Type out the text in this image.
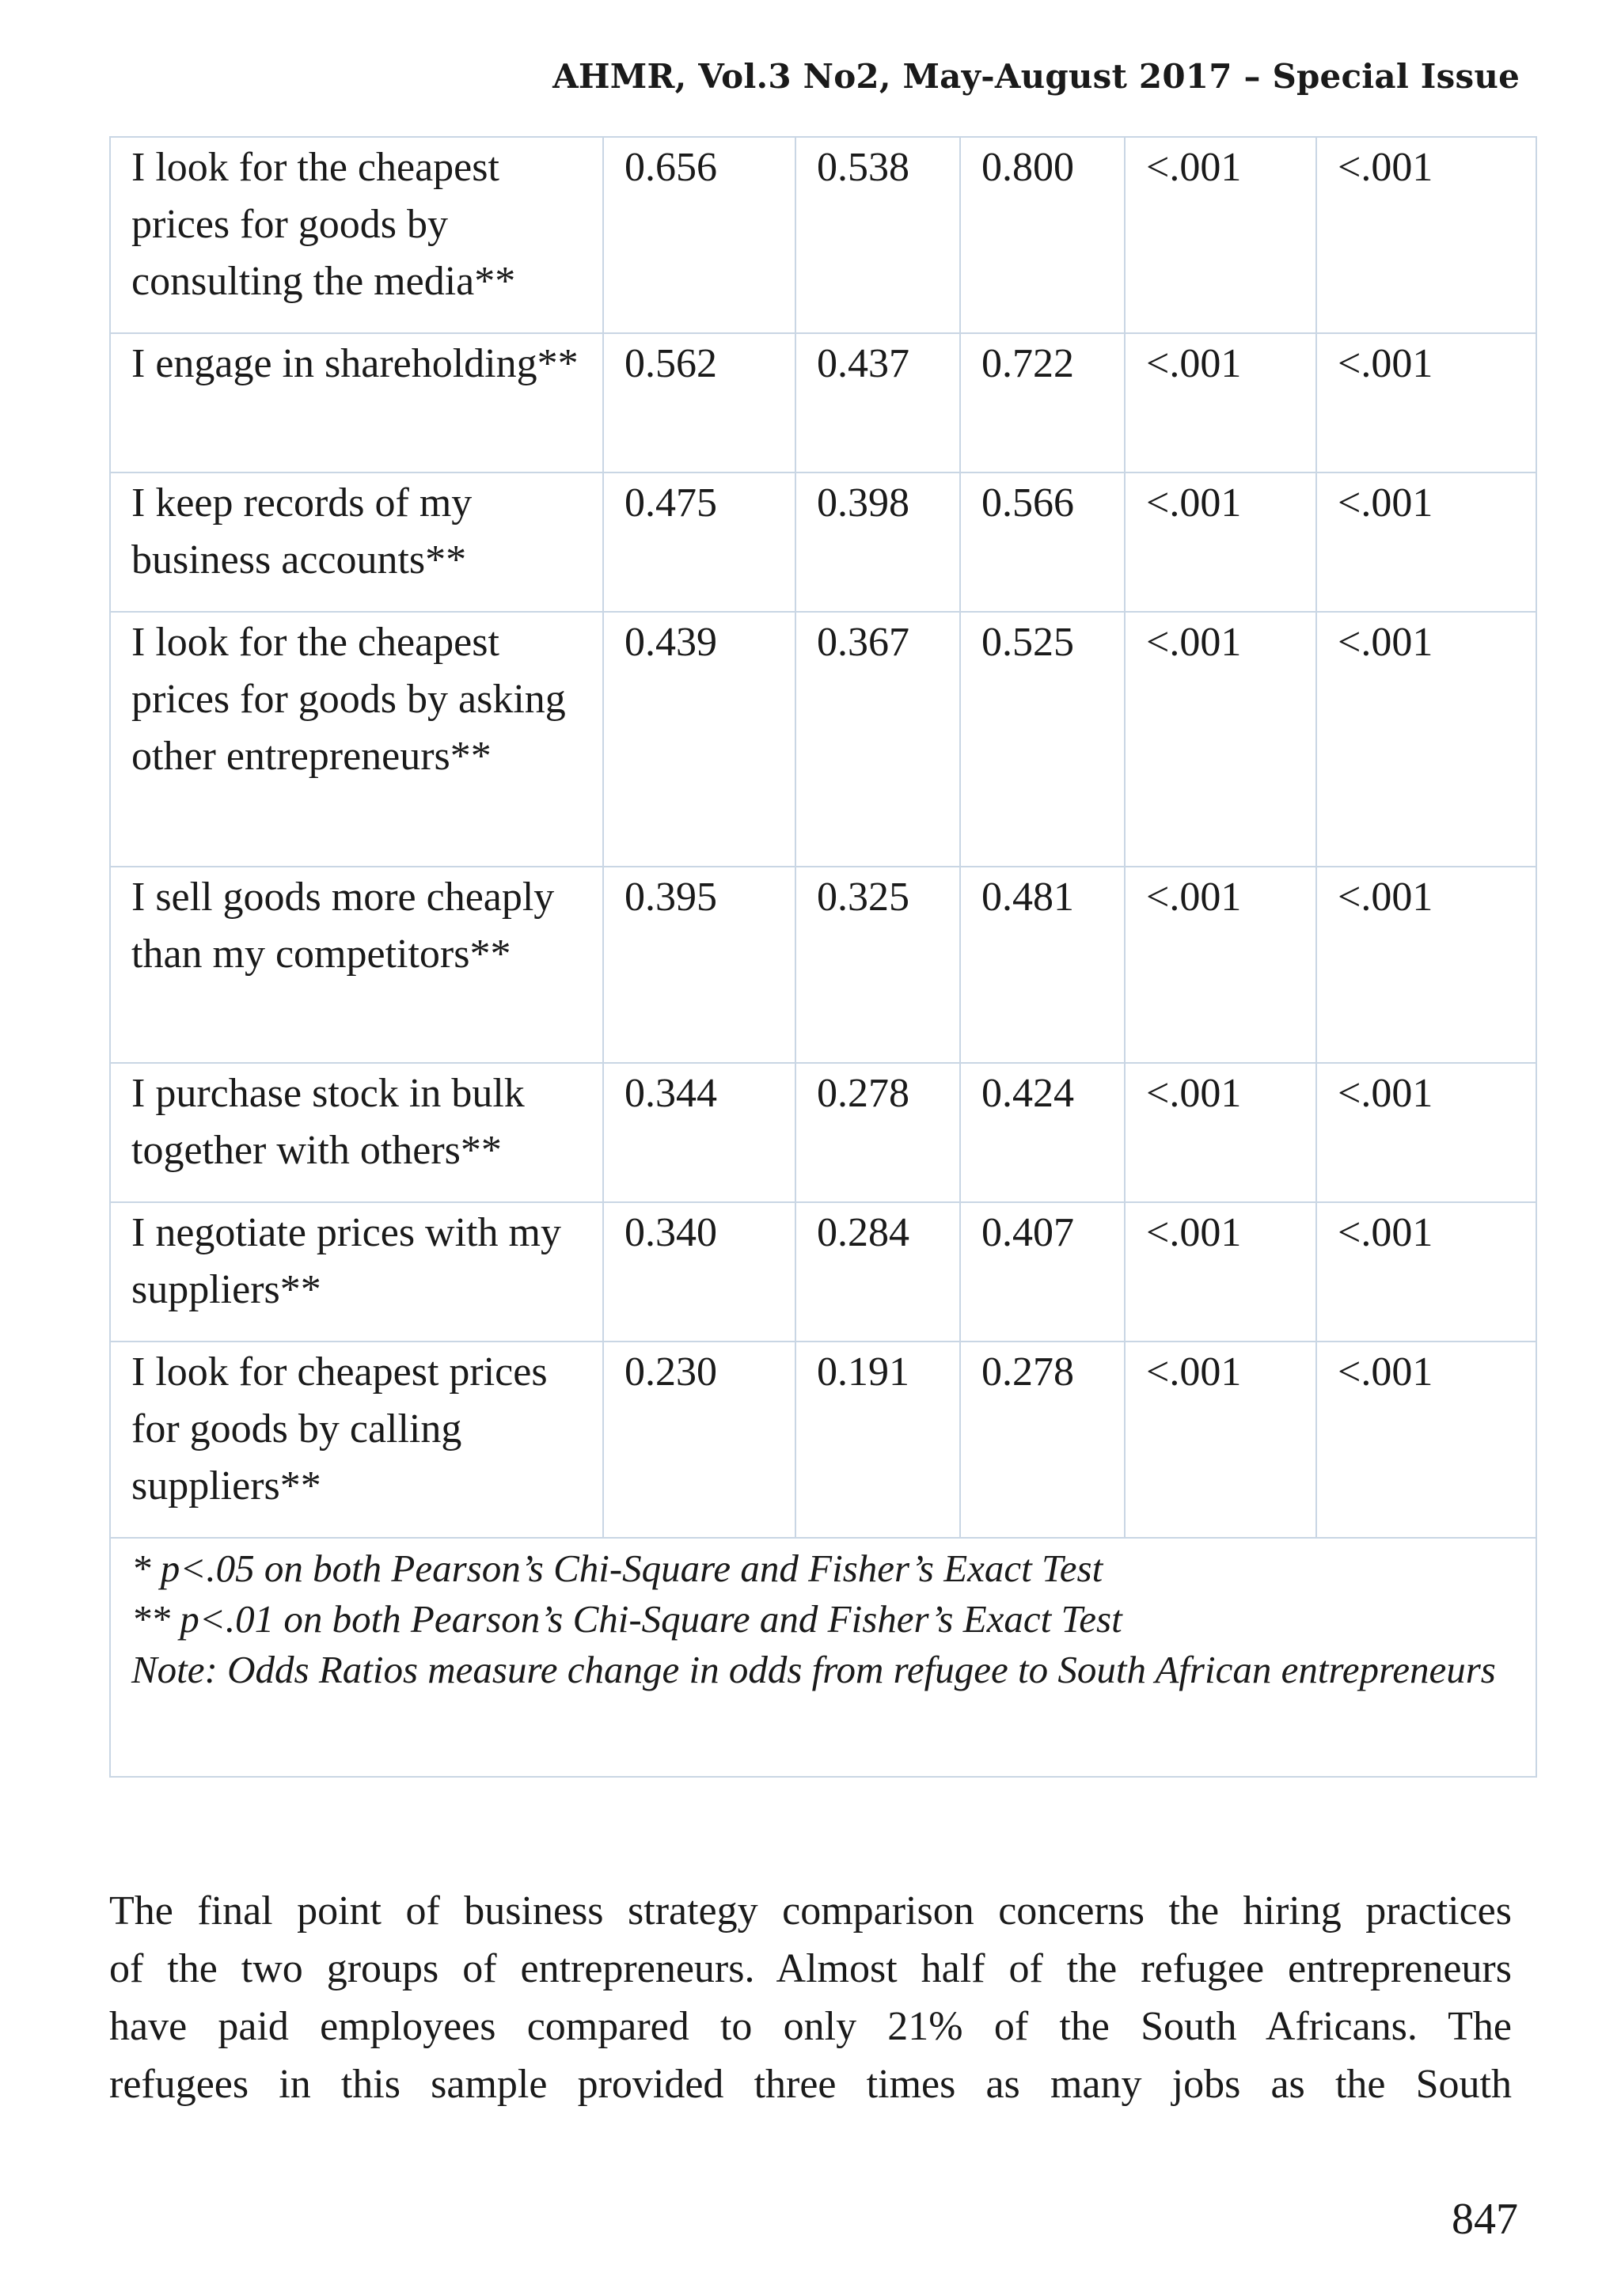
AHMR, Vol.3 No2, May-August 2017 – Special Issue
I look for the cheapest prices for goods by consulting the media**	0.656	0.538	0.800	<.001	<.001
I engage in shareholding**	0.562	0.437	0.722	<.001	<.001
I keep records of my business accounts**	0.475	0.398	0.566	<.001	<.001
I look for the cheapest prices for goods by asking other entrepreneurs**	0.439	0.367	0.525	<.001	<.001
I sell goods more cheaply than my competitors**	0.395	0.325	0.481	<.001	<.001
I purchase stock in bulk together with others**	0.344	0.278	0.424	<.001	<.001
I negotiate prices with my suppliers**	0.340	0.284	0.407	<.001	<.001
I look for cheapest prices for goods by calling suppliers**	0.230	0.191	0.278	<.001	<.001

* p<.05 on both Pearson’s Chi-Square and Fisher’s Exact Test
** p<.01 on both Pearson’s Chi-Square and Fisher’s Exact Test
Note: Odds Ratios measure change in odds from refugee to South African entrepreneurs					
The final point of business strategy comparison concerns the hiring practices
of the two groups of entrepreneurs. Almost half of the refugee entrepreneurs
have paid employees compared to only 21% of the South Africans. The
refugees in this sample provided three times as many jobs as the South
847
